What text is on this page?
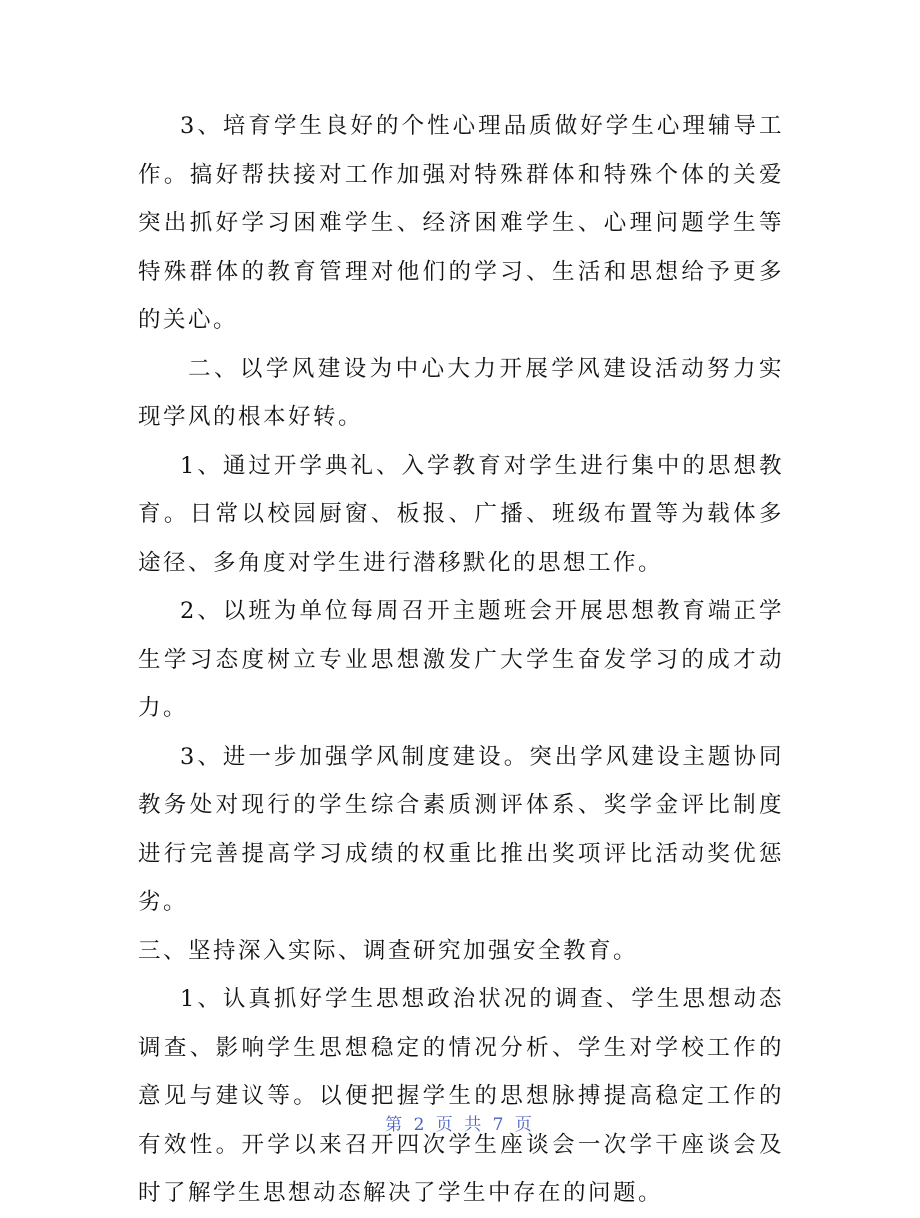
3、培育学生良好的个性心理品质做好学生心理辅导工作。搞好帮扶接对工作加强对特殊群体和特殊个体的关爱突出抓好学习困难学生、经济困难学生、心理问题学生等特殊群体的教育管理对他们的学习、生活和思想给予更多的关心。

二、以学风建设为中心大力开展学风建设活动努力实现学风的根本好转。

1、通过开学典礼、入学教育对学生进行集中的思想教育。日常以校园厨窗、板报、广播、班级布置等为载体多途径、多角度对学生进行潜移默化的思想工作。

2、以班为单位每周召开主题班会开展思想教育端正学生学习态度树立专业思想激发广大学生奋发学习的成才动力。

3、进一步加强学风制度建设。突出学风建设主题协同教务处对现行的学生综合素质测评体系、奖学金评比制度进行完善提高学习成绩的权重比推出奖项评比活动奖优惩劣。

三、坚持深入实际、调查研究加强安全教育。

1、认真抓好学生思想政治状况的调查、学生思想动态调查、影响学生思想稳定的情况分析、学生对学校工作的意见与建议等。以便把握学生的思想脉搏提高稳定工作的有效性。开学以来召开四次学生座谈会一次学干座谈会及时了解学生思想动态解决了学生中存在的问题。

第 2 页 共 7 页
